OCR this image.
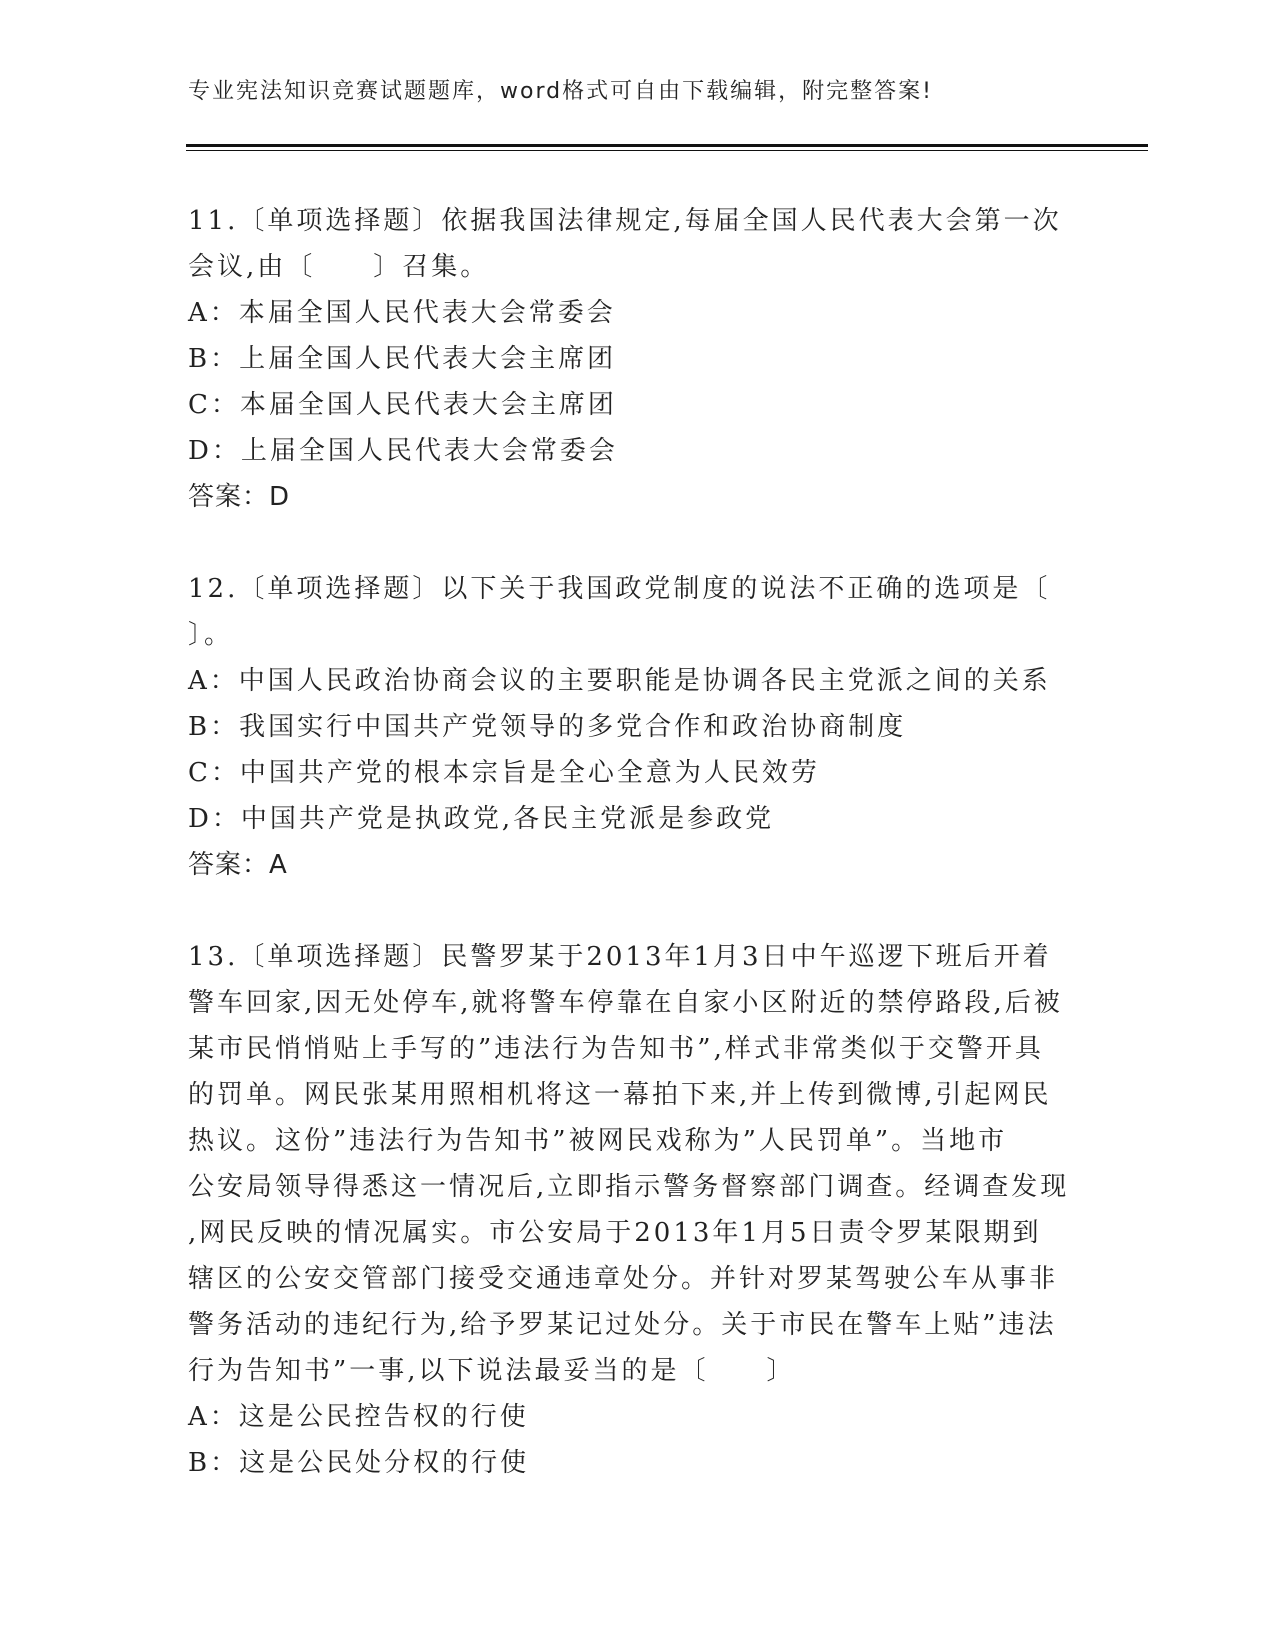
专业宪法知识竞赛试题题库，word格式可自由下载编辑，附完整答案!
11.〔单项选择题〕依据我国法律规定,每届全国人民代表大会第一次
会议,由〔　　〕召集。
A：本届全国人民代表大会常委会
B：上届全国人民代表大会主席团
C：本届全国人民代表大会主席团
D：上届全国人民代表大会常委会
答案：D
12.〔单项选择题〕以下关于我国政党制度的说法不正确的选项是〔
〕。
A：中国人民政治协商会议的主要职能是协调各民主党派之间的关系
B：我国实行中国共产党领导的多党合作和政治协商制度
C：中国共产党的根本宗旨是全心全意为人民效劳
D：中国共产党是执政党,各民主党派是参政党
答案：A
13.〔单项选择题〕民警罗某于2013年1月3日中午巡逻下班后开着
警车回家,因无处停车,就将警车停靠在自家小区附近的禁停路段,后被
某市民悄悄贴上手写的”违法行为告知书”,样式非常类似于交警开具
的罚单。网民张某用照相机将这一幕拍下来,并上传到微博,引起网民
热议。这份”违法行为告知书”被网民戏称为”人民罚单”。当地市
公安局领导得悉这一情况后,立即指示警务督察部门调查。经调查发现
,网民反映的情况属实。市公安局于2013年1月5日责令罗某限期到
辖区的公安交管部门接受交通违章处分。并针对罗某驾驶公车从事非
警务活动的违纪行为,给予罗某记过处分。关于市民在警车上贴”违法
行为告知书”一事,以下说法最妥当的是〔　　〕
A：这是公民控告权的行使
B：这是公民处分权的行使
